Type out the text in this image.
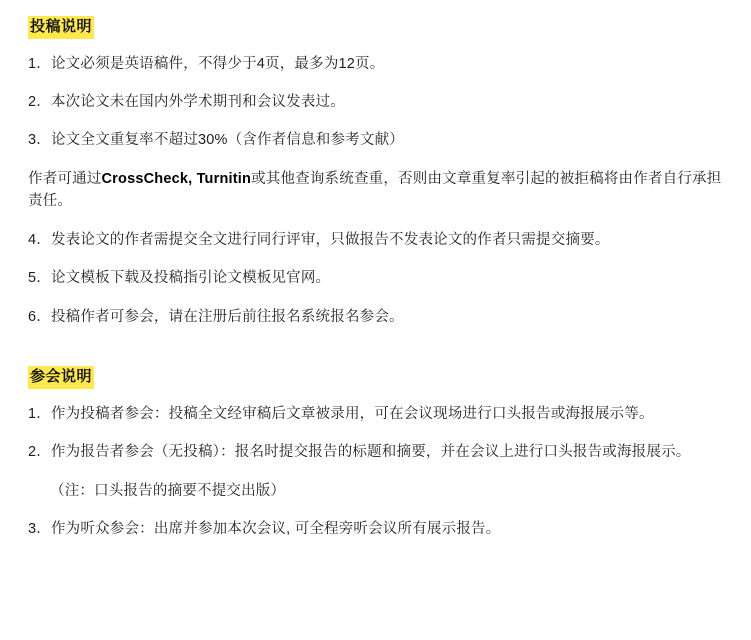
投稿说明

1．论文必须是英语稿件，不得少于4页，最多为12页。

2．本次论文未在国内外学术期刊和会议发表过。

3．论文全文重复率不超过30%（含作者信息和参考文献）

作者可通过CrossCheck, Turnitin或其他查询系统查重，否则由文章重复率引起的被拒稿将由作者自行承担责任。

4．发表论文的作者需提交全文进行同行评审，只做报告不发表论文的作者只需提交摘要。

5．论文模板下载及投稿指引论文模板见官网。

6．投稿作者可参会，请在注册后前往报名系统报名参会。

参会说明

1．作为投稿者参会：投稿全文经审稿后文章被录用，可在会议现场进行口头报告或海报展示等。

2．作为报告者参会（无投稿）：报名时提交报告的标题和摘要，并在会议上进行口头报告或海报展示。

（注：口头报告的摘要不提交出版）

3．作为听众参会：出席并参加本次会议, 可全程旁听会议所有展示报告。
